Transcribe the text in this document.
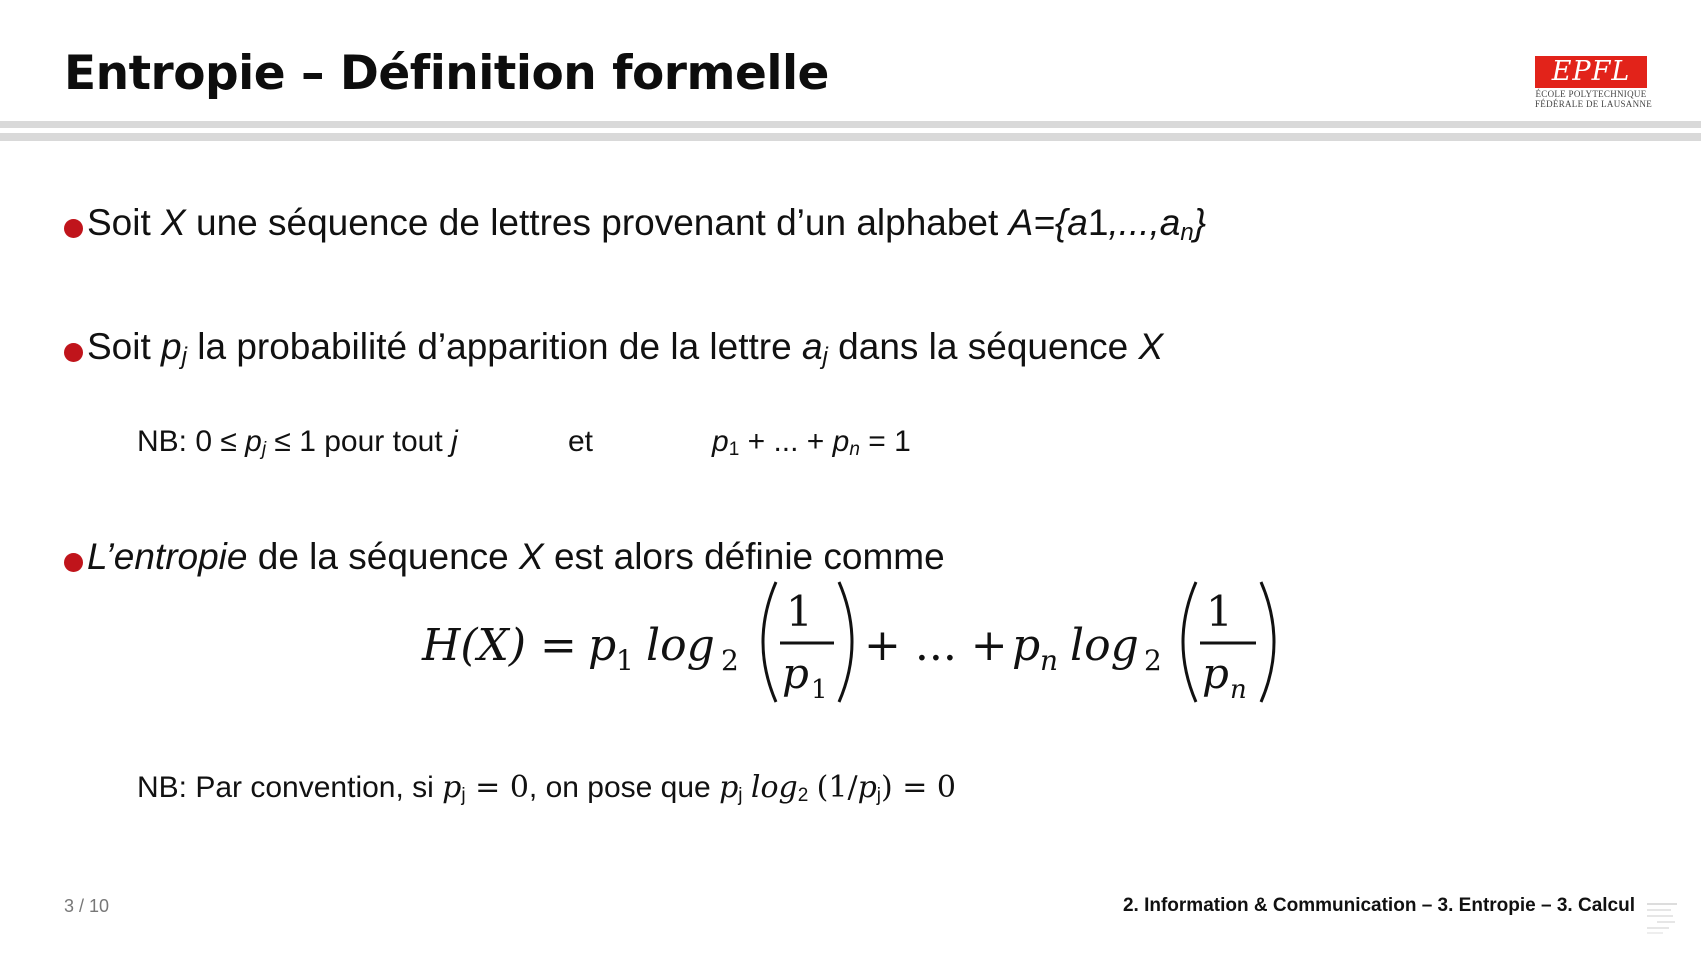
Entropie – Définition formelle	EPFL
ÉCOLE POLYTECHNIQUE
FÉDÉRALE DE LAUSANNE
Soit X une séquence de lettres provenant d’un alphabet $A=\{a1,...,a_n\}$
Soit $p_j$ la probabilité d’apparition de la lettre $a_j$ dans la séquence X
NB: $0 \le p_j \le 1$ pour tout j	et	$p_1$ + ... + $p_n = 1$
L’entropie de la séquence X est alors définie comme
H(X) = p 1 log 2
1
p 1
+ ... + p n log 2
1
p n
NB: Par convention, si $p_j = 0$, on pose que $p_j$ $\log_2 (1/p_j) = 0$
3 / 10	2. Information & Communication – 3. Entropie – 3. Calcul
